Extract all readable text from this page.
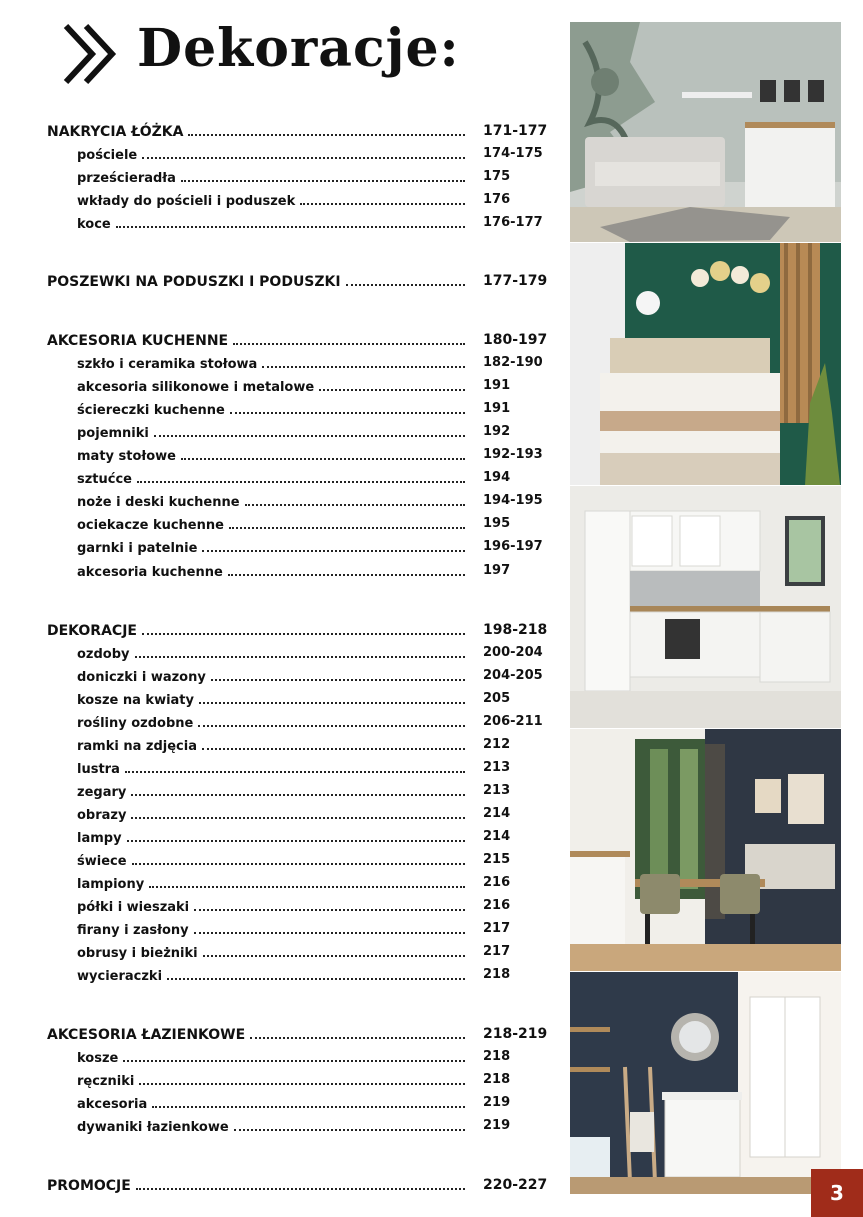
Dekoracje:
NAKRYCIA ŁÓŻKA	171-177
pościele	174-175
prześcieradła	175
wkłady do pościeli i poduszek	176
koce	176-177
POSZEWKI NA PODUSZKI I PODUSZKI	177-179
AKCESORIA KUCHENNE	180-197
szkło i ceramika stołowa	182-190
akcesoria silikonowe i metalowe	191
ściereczki kuchenne	191
pojemniki	192
maty stołowe	192-193
sztućce	194
noże i deski kuchenne	194-195
ociekacze kuchenne	195
garnki i patelnie	196-197
akcesoria kuchenne	197
DEKORACJE	198-218
ozdoby	200-204
doniczki i wazony	204-205
kosze na kwiaty	205
rośliny ozdobne	206-211
ramki na zdjęcia	212
lustra	213
zegary	213
obrazy	214
lampy	214
świece	215
lampiony	216
półki i wieszaki	216
firany i zasłony	217
obrusy i bieżniki	217
wycieraczki	218
AKCESORIA ŁAZIENKOWE	218-219
kosze	218
ręczniki	218
akcesoria	219
dywaniki łazienkowe	219
PROMOCJE	220-227	3
